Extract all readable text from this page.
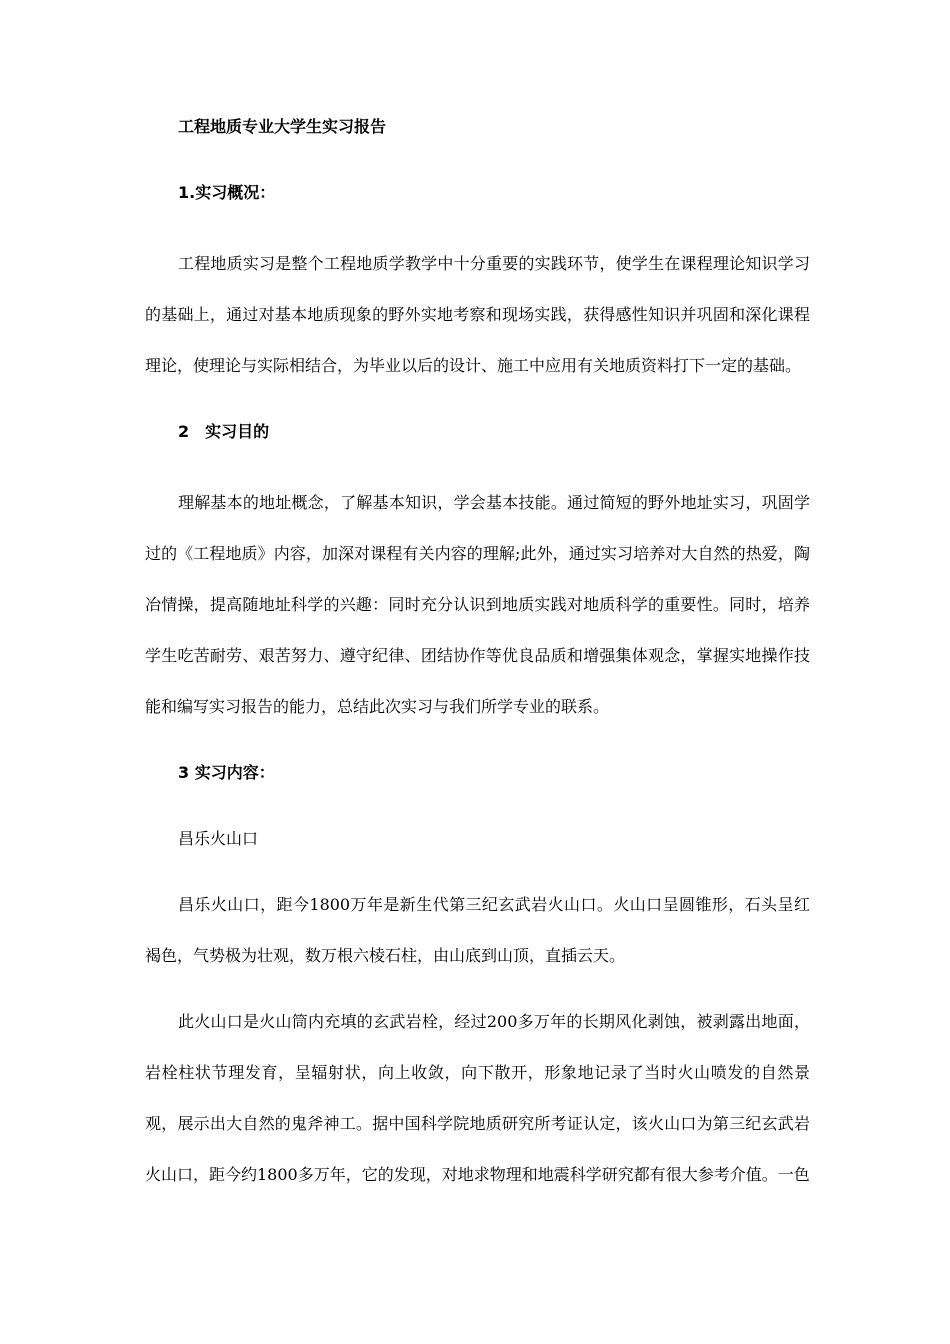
工程地质专业大学生实习报告

1.实习概况：

工程地质实习是整个工程地质学教学中十分重要的实践环节，使学生在课程理论知识学习的基础上，通过对基本地质现象的野外实地考察和现场实践，获得感性知识并巩固和深化课程理论，使理论与实际相结合，为毕业以后的设计、施工中应用有关地质资料打下一定的基础。

2　实习目的

理解基本的地址概念，了解基本知识，学会基本技能。通过简短的野外地址实习，巩固学过的《工程地质》内容，加深对课程有关内容的理解;此外，通过实习培养对大自然的热爱，陶冶情操，提高随地址科学的兴趣：同时充分认识到地质实践对地质科学的重要性。同时，培养学生吃苦耐劳、艰苦努力、遵守纪律、团结协作等优良品质和增强集体观念，掌握实地操作技能和编写实习报告的能力，总结此次实习与我们所学专业的联系。

3 实习内容：

昌乐火山口

昌乐火山口，距今1800万年是新生代第三纪玄武岩火山口。火山口呈圆锥形，石头呈红褐色，气势极为壮观，数万根六棱石柱，由山底到山顶，直插云天。

此火山口是火山筒内充填的玄武岩栓，经过200多万年的长期风化剥蚀，被剥露出地面，岩栓柱状节理发育，呈辐射状，向上收敛，向下散开，形象地记录了当时火山喷发的自然景观，展示出大自然的鬼斧神工。据中国科学院地质研究所考证认定，该火山口为第三纪玄武岩火山口，距今约1800多万年，它的发现，对地求物理和地震科学研究都有很大参考介值。一色
